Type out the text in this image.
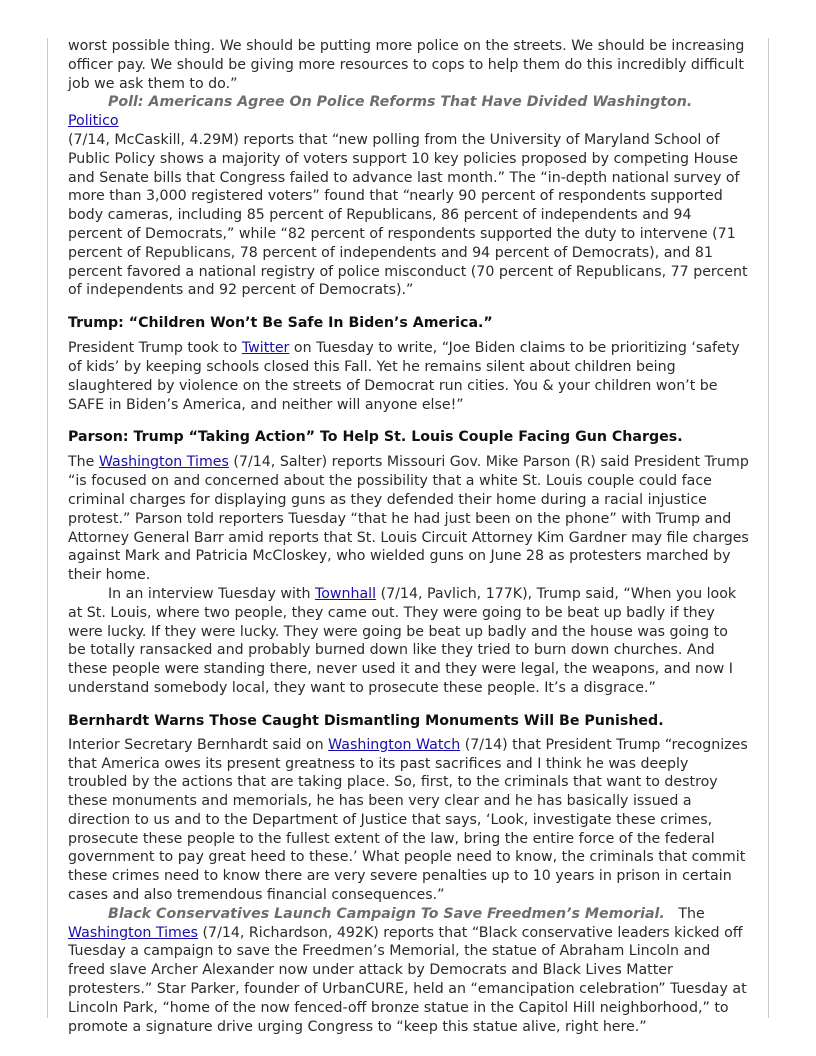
worst possible thing. We should be putting more police on the streets. We should be increasing officer pay. We should be giving more resources to cops to help them do this incredibly difficult job we ask them to do.”

Poll: Americans Agree On Police Reforms That Have Divided Washington.   Politico
(7/14, McCaskill, 4.29M) reports that “new polling from the University of Maryland School of Public Policy shows a majority of voters support 10 key policies proposed by competing House and Senate bills that Congress failed to advance last month.” The “in-depth national survey of more than 3,000 registered voters” found that “nearly 90 percent of respondents supported body cameras, including 85 percent of Republicans, 86 percent of independents and 94 percent of Democrats,” while “82 percent of respondents supported the duty to intervene (71 percent of Republicans, 78 percent of independents and 94 percent of Democrats), and 81 percent favored a national registry of police misconduct (70 percent of Republicans, 77 percent of independents and 92 percent of Democrats).”

Trump: “Children Won’t Be Safe In Biden’s America.”

President Trump took to Twitter on Tuesday to write, “Joe Biden claims to be prioritizing ‘safety of kids’ by keeping schools closed this Fall. Yet he remains silent about children being slaughtered by violence on the streets of Democrat run cities. You & your children won’t be SAFE in Biden’s America, and neither will anyone else!”

Parson: Trump “Taking Action” To Help St. Louis Couple Facing Gun Charges.

The Washington Times (7/14, Salter) reports Missouri Gov. Mike Parson (R) said President Trump “is focused on and concerned about the possibility that a white St. Louis couple could face criminal charges for displaying guns as they defended their home during a racial injustice protest.” Parson told reporters Tuesday “that he had just been on the phone” with Trump and Attorney General Barr amid reports that St. Louis Circuit Attorney Kim Gardner may file charges against Mark and Patricia McCloskey, who wielded guns on June 28 as protesters marched by their home.

In an interview Tuesday with Townhall (7/14, Pavlich, 177K), Trump said, “When you look at St. Louis, where two people, they came out. They were going to be beat up badly if they were lucky. If they were lucky. They were going be beat up badly and the house was going to be totally ransacked and probably burned down like they tried to burn down churches. And these people were standing there, never used it and they were legal, the weapons, and now I understand somebody local, they want to prosecute these people. It’s a disgrace.”

Bernhardt Warns Those Caught Dismantling Monuments Will Be Punished.

Interior Secretary Bernhardt said on Washington Watch (7/14) that President Trump “recognizes that America owes its present greatness to its past sacrifices and I think he was deeply troubled by the actions that are taking place. So, first, to the criminals that want to destroy these monuments and memorials, he has been very clear and he has basically issued a direction to us and to the Department of Justice that says, ‘Look, investigate these crimes, prosecute these people to the fullest extent of the law, bring the entire force of the federal government to pay great heed to these.’ What people need to know, the criminals that commit these crimes need to know there are very severe penalties up to 10 years in prison in certain cases and also tremendous financial consequences.”

Black Conservatives Launch Campaign To Save Freedmen’s Memorial. The
Washington Times (7/14, Richardson, 492K) reports that “Black conservative leaders kicked off Tuesday a campaign to save the Freedmen’s Memorial, the statue of Abraham Lincoln and freed slave Archer Alexander now under attack by Democrats and Black Lives Matter protesters.” Star Parker, founder of UrbanCURE, held an “emancipation celebration” Tuesday at Lincoln Park, “home of the now fenced-off bronze statue in the Capitol Hill neighborhood,” to promote a signature drive urging Congress to “keep this statue alive, right here.”
